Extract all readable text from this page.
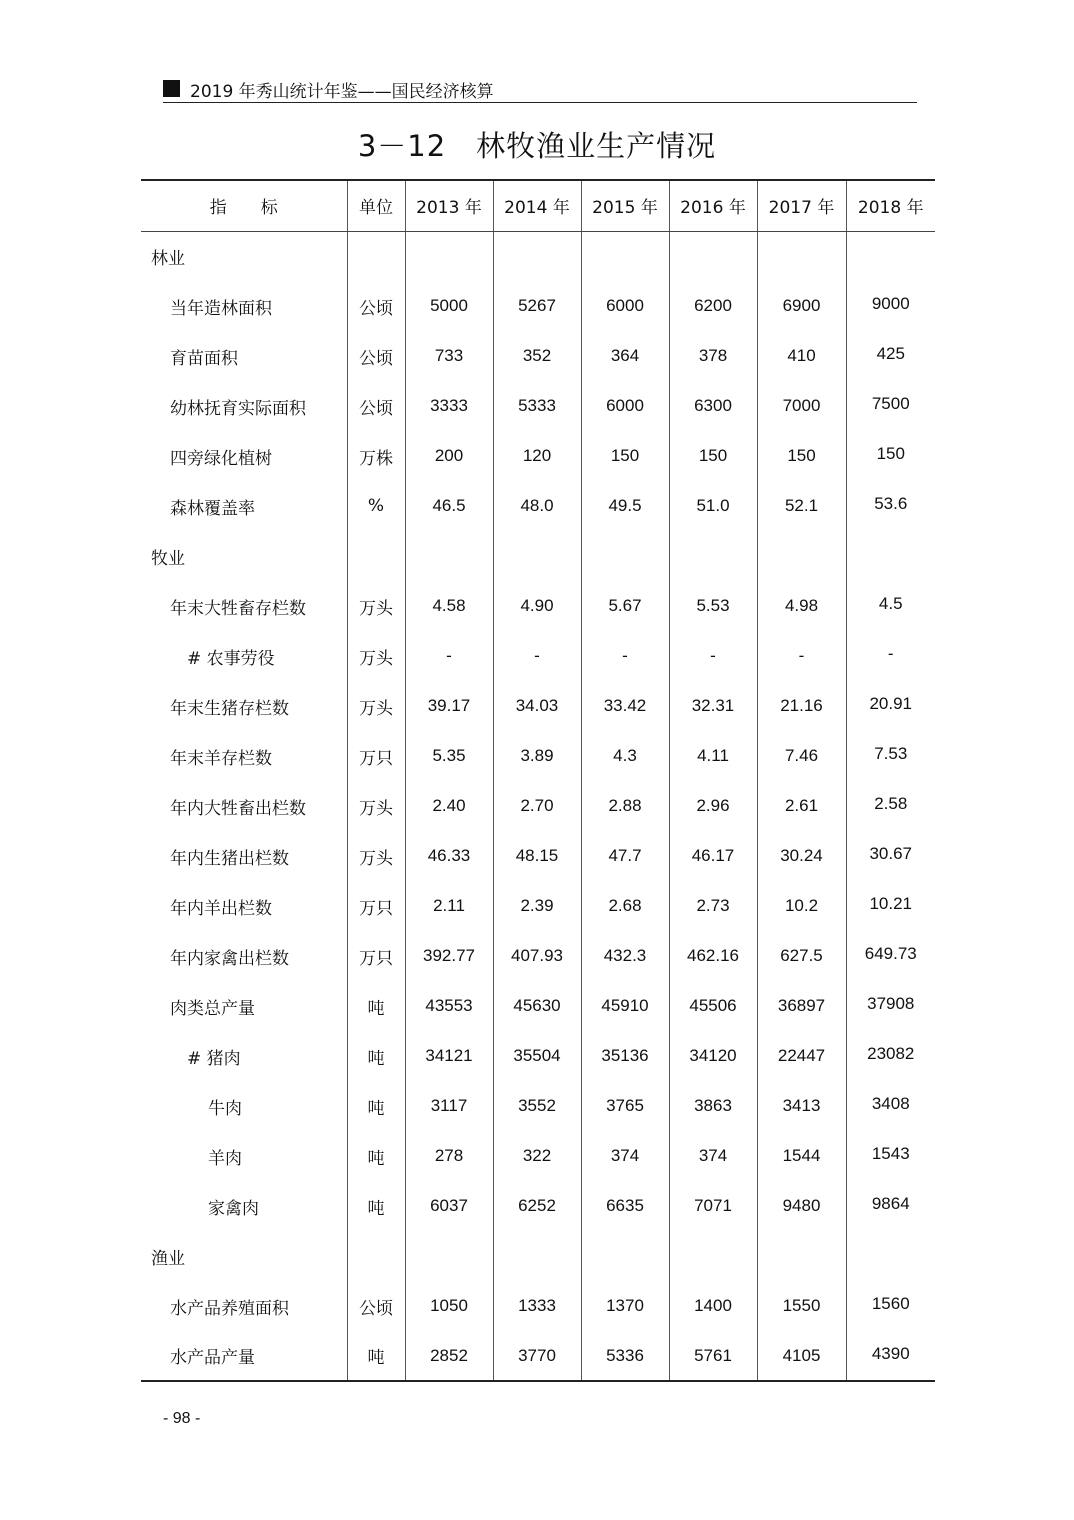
2019 年秀山统计年鉴——国民经济核算
3－12　林牧渔业生产情况
指　　标	单位	2013 年	2014 年	2015 年	2016 年	2017 年	2018 年
林业							
当年造林面积	公顷	5000	5267	6000	6200	6900	9000
育苗面积	公顷	733	352	364	378	410	425
幼林抚育实际面积	公顷	3333	5333	6000	6300	7000	7500
四旁绿化植树	万株	200	120	150	150	150	150
森林覆盖率	%	46.5	48.0	49.5	51.0	52.1	53.6
牧业							
年末大牲畜存栏数	万头	4.58	4.90	5.67	5.53	4.98	4.5
# 农事劳役	万头	-	-	-	-	-	-
年末生猪存栏数	万头	39.17	34.03	33.42	32.31	21.16	20.91
年末羊存栏数	万只	5.35	3.89	4.3	4.11	7.46	7.53
年内大牲畜出栏数	万头	2.40	2.70	2.88	2.96	2.61	2.58
年内生猪出栏数	万头	46.33	48.15	47.7	46.17	30.24	30.67
年内羊出栏数	万只	2.11	2.39	2.68	2.73	10.2	10.21
年内家禽出栏数	万只	392.77	407.93	432.3	462.16	627.5	649.73
肉类总产量	吨	43553	45630	45910	45506	36897	37908
# 猪肉	吨	34121	35504	35136	34120	22447	23082
牛肉	吨	3117	3552	3765	3863	3413	3408
羊肉	吨	278	322	374	374	1544	1543
家禽肉	吨	6037	6252	6635	7071	9480	9864
渔业							
水产品养殖面积	公顷	1050	1333	1370	1400	1550	1560
水产品产量	吨	2852	3770	5336	5761	4105	4390
- 98 -
